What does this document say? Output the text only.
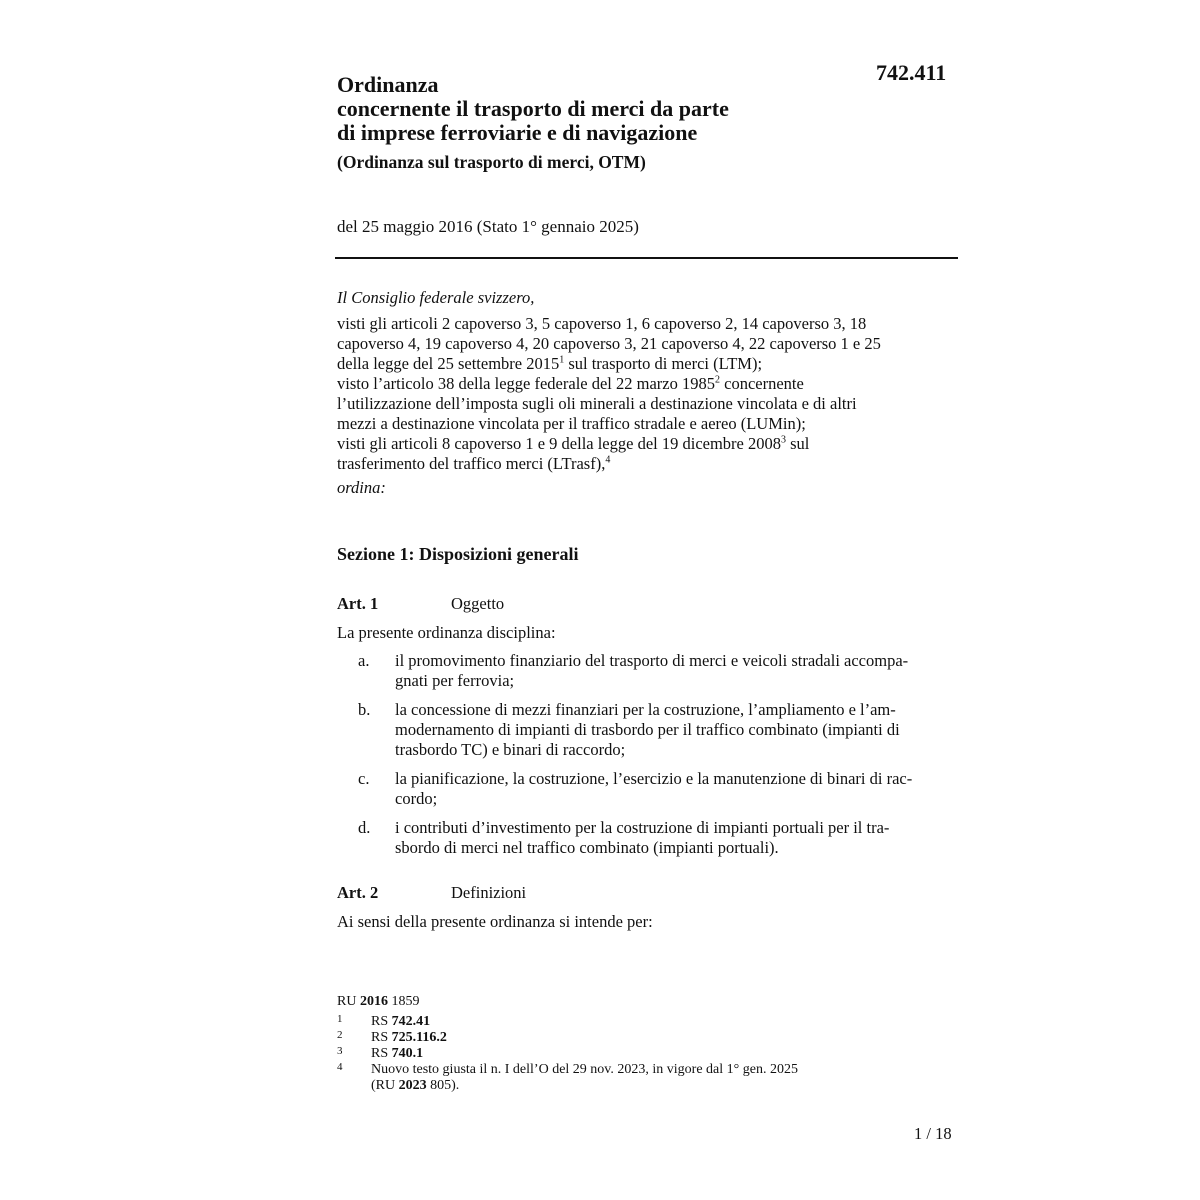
742.411
Ordinanza
concernente il trasporto di merci da parte
di imprese ferroviarie e di navigazione
(Ordinanza sul trasporto di merci, OTM)
del 25 maggio 2016 (Stato 1° gennaio 2025)
Il Consiglio federale svizzero,
visti gli articoli 2 capoverso 3, 5 capoverso 1, 6 capoverso 2, 14 capoverso 3, 18
capoverso 4, 19 capoverso 4, 20 capoverso 3, 21 capoverso 4, 22 capoverso 1 e 25
della legge del 25 settembre 2015$^1$ sul trasporto di merci (LTM);
visto l’articolo 38 della legge federale del 22 marzo 1985$^2$ concernente
l’utilizzazione dell’imposta sugli oli minerali a destinazione vincolata e di altri
mezzi a destinazione vincolata per il traffico stradale e aereo (LUMin);
visti gli articoli 8 capoverso 1 e 9 della legge del 19 dicembre 2008$^3$ sul
trasferimento del traffico merci (LTrasf),$^4$
ordina:
Sezione 1: Disposizioni generali
Art. 1	Oggetto
La presente ordinanza disciplina:
a. il promovimento finanziario del trasporto di merci e veicoli stradali accompa-
gnati per ferrovia;
b. la concessione di mezzi finanziari per la costruzione, l’ampliamento e l’am-
modernamento di impianti di trasbordo per il traffico combinato (impianti di
trasbordo TC) e binari di raccordo;
c. la pianificazione, la costruzione, l’esercizio e la manutenzione di binari di rac-
cordo;
d. i contributi d’investimento per la costruzione di impianti portuali per il tra-
sbordo di merci nel traffico combinato (impianti portuali).
Art. 2	Definizioni
Ai sensi della presente ordinanza si intende per:
RU 2016 1859
1 RS 742.41
2 RS 725.116.2
3 RS 740.1
4 Nuovo testo giusta il n. I dell’O del 29 nov. 2023, in vigore dal 1° gen. 2025
(RU 2023 805).
1 / 18
